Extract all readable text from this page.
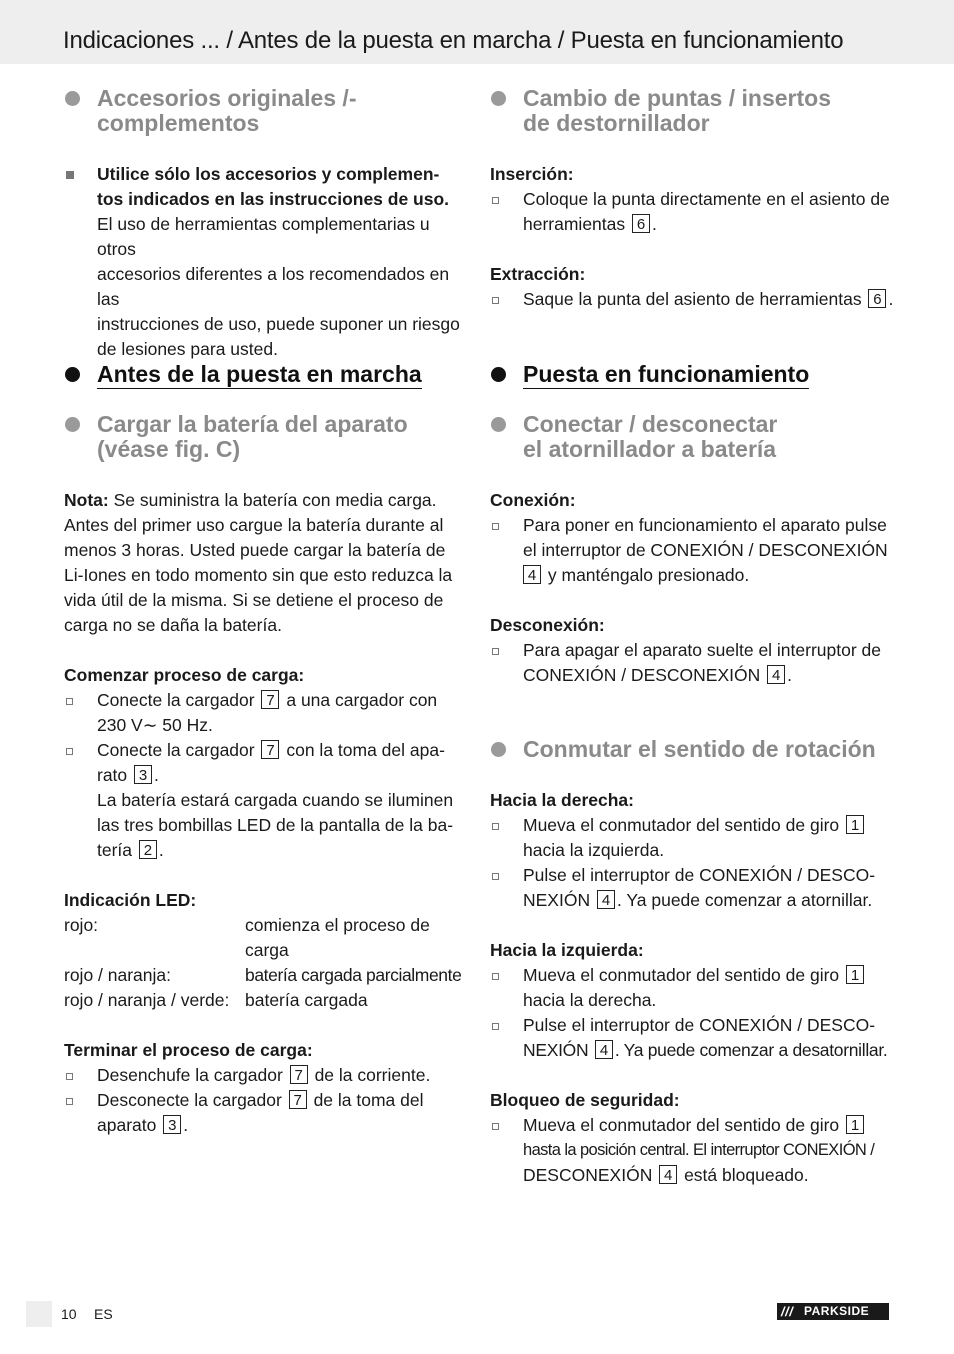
Indicaciones ... / Antes de la puesta en marcha / Puesta en funcionamiento
Accesorios originales /-
complementos
Utilice sólo los accesorios y complemen-
tos indicados en las instrucciones de uso.
El uso de herramientas complementarias u otros
accesorios diferentes a los recomendados en las
instrucciones de uso, puede suponer un riesgo
de lesiones para usted.
Antes de la puesta en marcha
Cargar la batería del aparato
(véase fig. C)
Nota: Se suministra la batería con media carga.
Antes del primer uso cargue la batería durante al
menos 3 horas. Usted puede cargar la batería de
Li-Iones en todo momento sin que esto reduzca la
vida útil de la misma. Si se detiene el proceso de
carga no se daña la batería.
Comenzar proceso de carga:
Conecte la cargador 7 a una cargador con
230 V∼ 50 Hz.
Conecte la cargador 7 con la toma del apa-
rato 3 .
La batería estará cargada cuando se iluminen
las tres bombillas LED de la pantalla de la ba-
tería 2 .
Indicación LED:
rojo:	comienza el proceso de
carga
rojo / naranja:	batería cargada parcialmente
rojo / naranja / verde: batería cargada
Terminar el proceso de carga:
Desenchufe la cargador 7 de la corriente.
Desconecte la cargador 7 de la toma del
aparato 3 .
Cambio de puntas / insertos
de destornillador
Inserción:
Coloque la punta directamente en el asiento de
herramientas 6 .
Extracción:
Saque la punta del asiento de herramientas 6 .
Puesta en funcionamiento
Conectar / desconectar
el atornillador a batería
Conexión:
Para poner en funcionamiento el aparato pulse
el interruptor de CONEXIÓN / DESCONEXIÓN
4 y manténgalo presionado.
Desconexión:
Para apagar el aparato suelte el interruptor de
CONEXIÓN / DESCONEXIÓN 4 .
Conmutar el sentido de rotación
Hacia la derecha:
Mueva el conmutador del sentido de giro 1
hacia la izquierda.
Pulse el interruptor de CONEXIÓN / DESCO-
NEXIÓN 4 . Ya puede comenzar a atornillar.
Hacia la izquierda:
Mueva el conmutador del sentido de giro 1
hacia la derecha.
Pulse el interruptor de CONEXIÓN / DESCO-
NEXIÓN 4 . Ya puede comenzar a desatornillar.
Bloqueo de seguridad:
Mueva el conmutador del sentido de giro 1
hasta la posición central. El interruptor CONEXIÓN /
DESCONEXIÓN 4 está bloqueado.
10 ES	/// PARKSIDE
